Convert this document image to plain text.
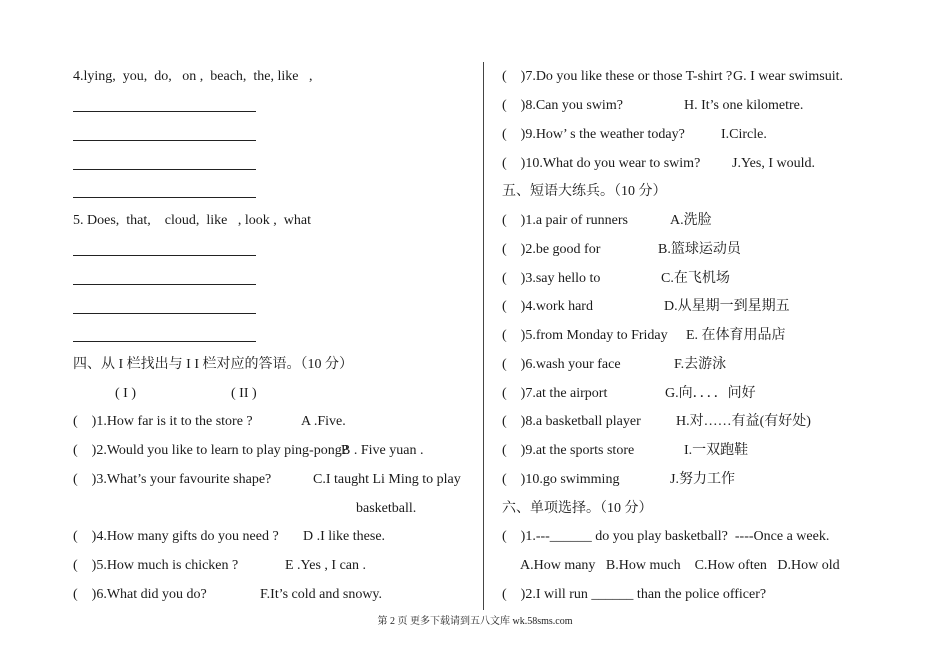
4.lying,  you,  do,   on ,  beach,  the, like   ,
5. Does,  that,    cloud,  like   , look ,  what
四、从 I 栏找出与 I I 栏对应的答语。（10 分）
( I )	( II )
(    )1.How far is it to the store ?	A .Five.
(    )2.Would you like to learn to play ping-pong?
B . Five yuan .
(    )3.What’s your favourite shape?	C.I taught Li Ming to play
basketball.
(    )4.How many gifts do you need ? D .I like these.
(    )5.How much is chicken ?	E .Yes , I can .
(    )6.What did you do?	F.It’s cold and snowy.
(    )7.Do you like these or those T-shirt ? G. I wear swimsuit.
(    )8.Can you swim?	H. It’s one kilometre.
(    )9.How’ s the weather today?	I.Circle.
(    )10.What do you wear to swim? J.Yes, I would.
五、短语大练兵。（10 分）
(    )1.a pair of runners	A.洗脸
(    )2.be good for	B.篮球运动员
(    )3.say hello to	C.在飞机场
(    )4.work hard	D.从星期一到星期五
(    )5.from Monday to Friday E. 在体育用品店
(    )6.wash your face	F.去游泳
(    )7.at the airport	G.向．．．．问好
(    )8.a basketball player	H.对……有益(有好处)
(    )9.at the sports store	I.一双跑鞋
(    )10.go swimming	J.努力工作
六、单项选择。（10 分）
(    )1.---______ do you play basketball?  ----Once a week.
A.How many   B.How much    C.How often   D.How old
(    )2.I will run ______ than the police officer?
第 2 页 更多下载请到五八文库 wk.58sms.com
